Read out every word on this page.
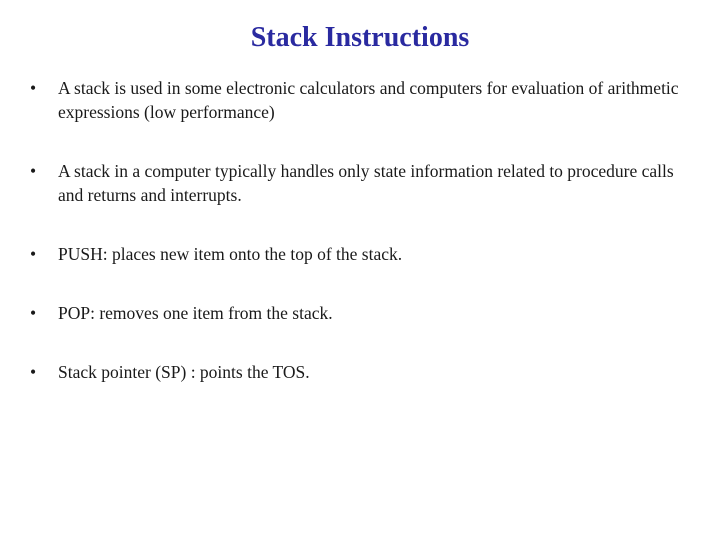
Stack Instructions
•	A stack is used in some electronic calculators and computers for evaluation of arithmetic expressions (low performance)
•	A stack in a computer typically handles only state information related to procedure calls and returns and interrupts.
•	PUSH: places new item onto the top of the stack.
•	POP: removes one item from the stack.
•	Stack pointer (SP) : points the TOS.
